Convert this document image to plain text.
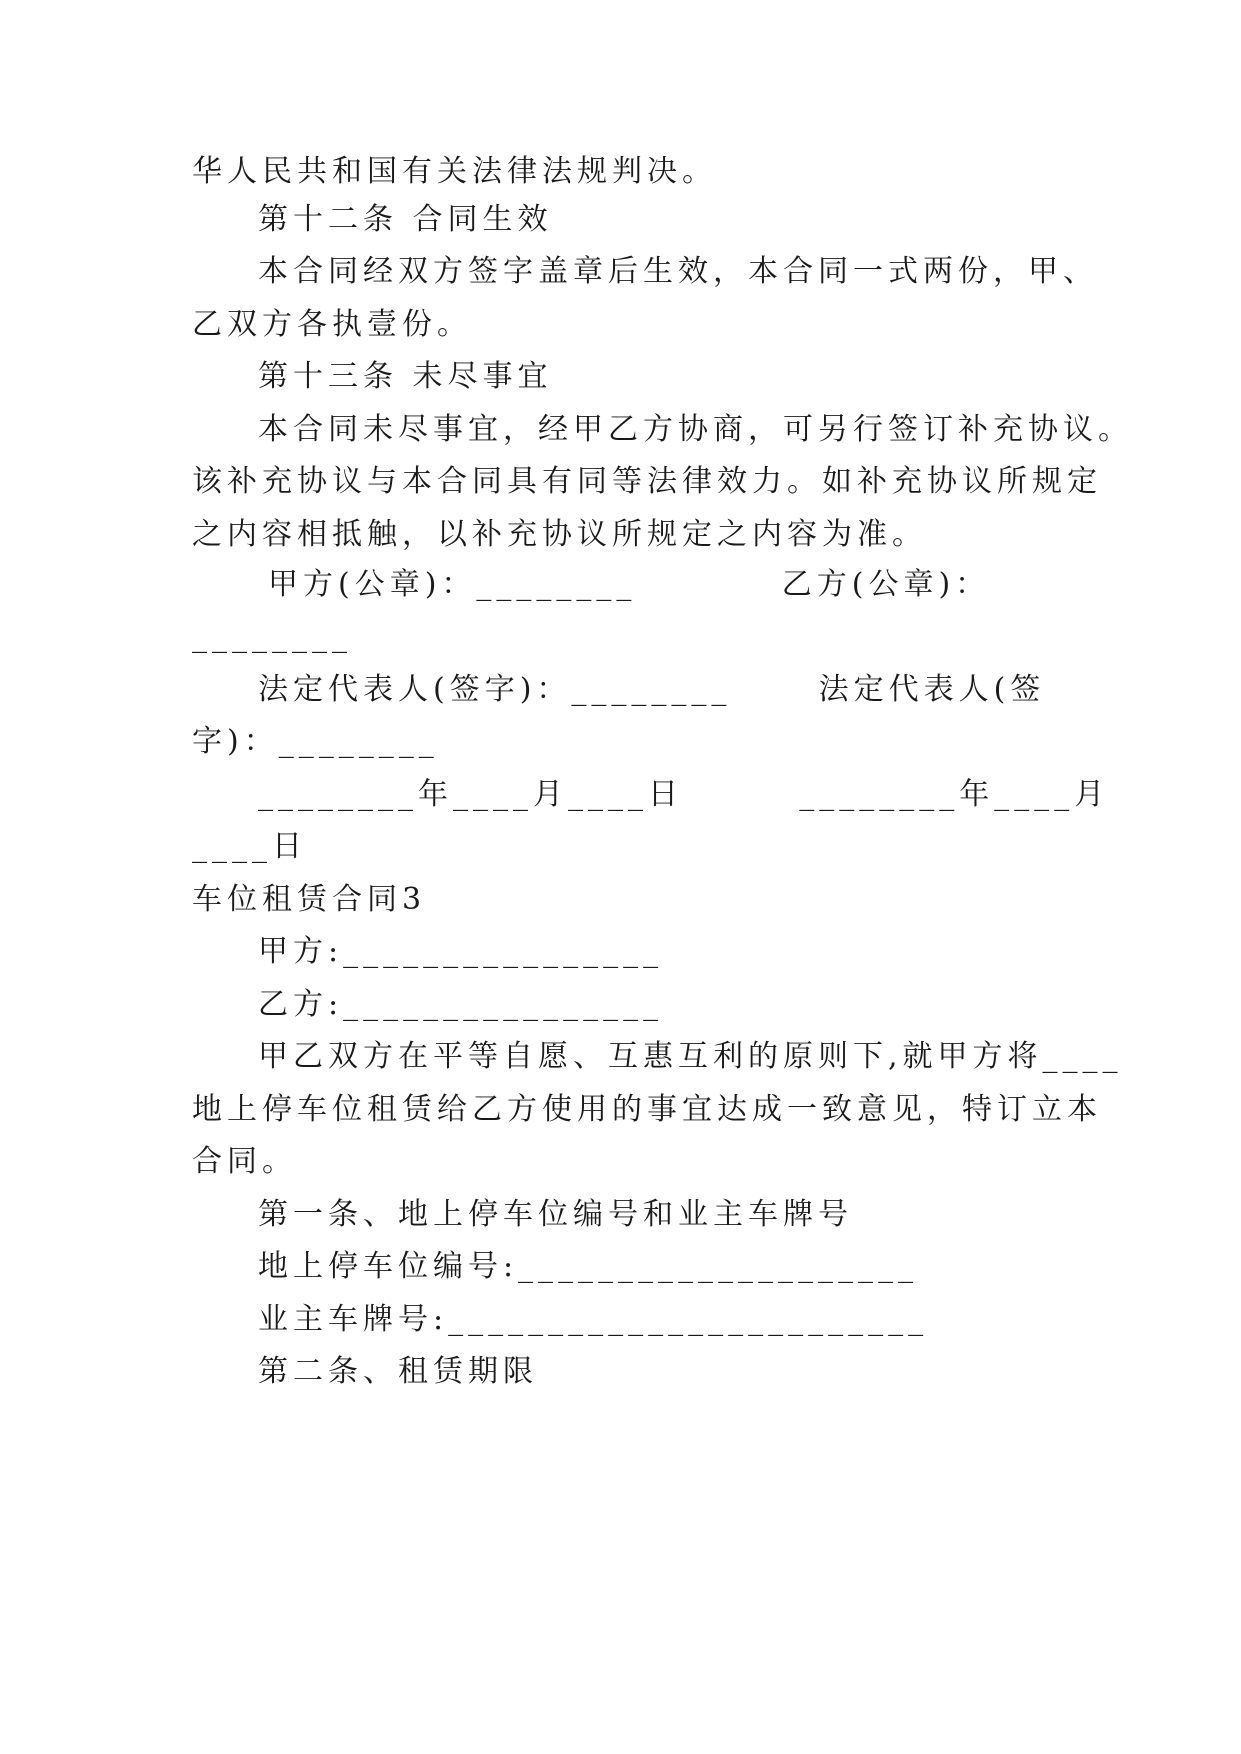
华人民共和国有关法律法规判决。
第十二条 合同生效
本合同经双方签字盖章后生效，本合同一式两份，甲、
乙双方各执壹份。
第十三条 未尽事宜
本合同未尽事宜，经甲乙方协商，可另行签订补充协议。
该补充协议与本合同具有同等法律效力。如补充协议所规定
之内容相抵触，以补充协议所规定之内容为准。
甲方(公章)：________          乙方(公章)：
________
法定代表人(签字)：________      法定代表人(签
字)：________
________年____月____日        ________年____月
____日
车位租赁合同3
甲方:________________
乙方:________________
甲乙双方在平等自愿、互惠互利的原则下,就甲方将____
地上停车位租赁给乙方使用的事宜达成一致意见，特订立本
合同。
第一条、地上停车位编号和业主车牌号
地上停车位编号:____________________
业主车牌号:________________________
第二条、租赁期限
